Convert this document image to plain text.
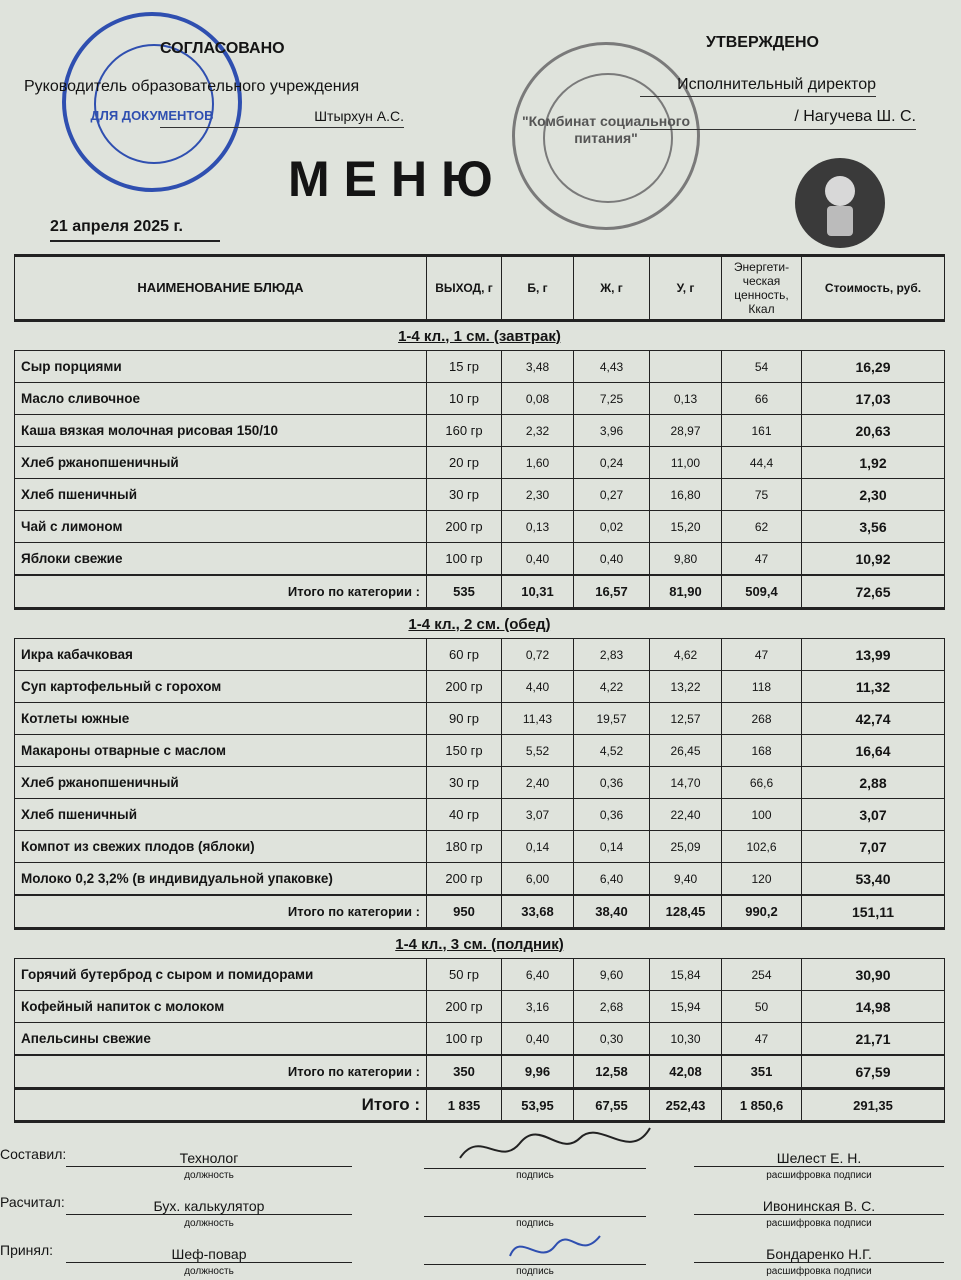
ДЛЯ ДОКУМЕНТОВ
СОГЛАСОВАНО
Руководитель образовательного учреждения
Штырхун А.С.	"Комбинат социального питания"
УТВЕРЖДЕНО
Исполнительный директор
/ Нагучева Ш. С.
МЕНЮ
21 апреля 2025 г.
НАИМЕНОВАНИЕ БЛЮДА	ВЫХОД, г	Б, г	Ж, г	У, г	Энергети-ческая ценность, Ккал	Стоимость, руб.
1-4 кл., 1 см. (завтрак)						
Сыр порциями	15 гр	3,48	4,43		54	16,29
Масло сливочное	10 гр	0,08	7,25	0,13	66	17,03
Каша вязкая молочная рисовая 150/10	160 гр	2,32	3,96	28,97	161	20,63
Хлеб ржанопшеничный	20 гр	1,60	0,24	11,00	44,4	1,92
Хлеб пшеничный	30 гр	2,30	0,27	16,80	75	2,30
Чай с лимоном	200 гр	0,13	0,02	15,20	62	3,56
Яблоки свежие	100 гр	0,40	0,40	9,80	47	10,92
Итого по категории :	535	10,31	16,57	81,90	509,4	72,65
1-4 кл., 2 см. (обед)						
Икра кабачковая	60 гр	0,72	2,83	4,62	47	13,99
Суп картофельный с горохом	200 гр	4,40	4,22	13,22	118	11,32
Котлеты южные	90 гр	11,43	19,57	12,57	268	42,74
Макароны отварные с маслом	150 гр	5,52	4,52	26,45	168	16,64
Хлеб ржанопшеничный	30 гр	2,40	0,36	14,70	66,6	2,88
Хлеб пшеничный	40 гр	3,07	0,36	22,40	100	3,07
Компот из свежих плодов (яблоки)	180 гр	0,14	0,14	25,09	102,6	7,07
Молоко 0,2 3,2% (в индивидуальной упаковке)	200 гр	6,00	6,40	9,40	120	53,40
Итого по категории :	950	33,68	38,40	128,45	990,2	151,11
1-4 кл., 3 см. (полдник)						
Горячий бутерброд с сыром и помидорами	50 гр	6,40	9,60	15,84	254	30,90
Кофейный напиток с молоком	200 гр	3,16	2,68	15,94	50	14,98
Апельсины свежие	100 гр	0,40	0,30	10,30	47	21,71
Итого по категории :	350	9,96	12,58	42,08	351	67,59
Итого :	1 835	53,95	67,55	252,43	1 850,6	291,35
Составил:	Технолог
должность	подпись
Шелест Е. Н.
расшифровка подписи
Расчитал:	Бух. калькулятор
должность	подпись
Ивонинская В. С.
расшифровка подписи
Принял:	Шеф-повар
должность	подпись
Бондаренко Н.Г.
расшифровка подписи
